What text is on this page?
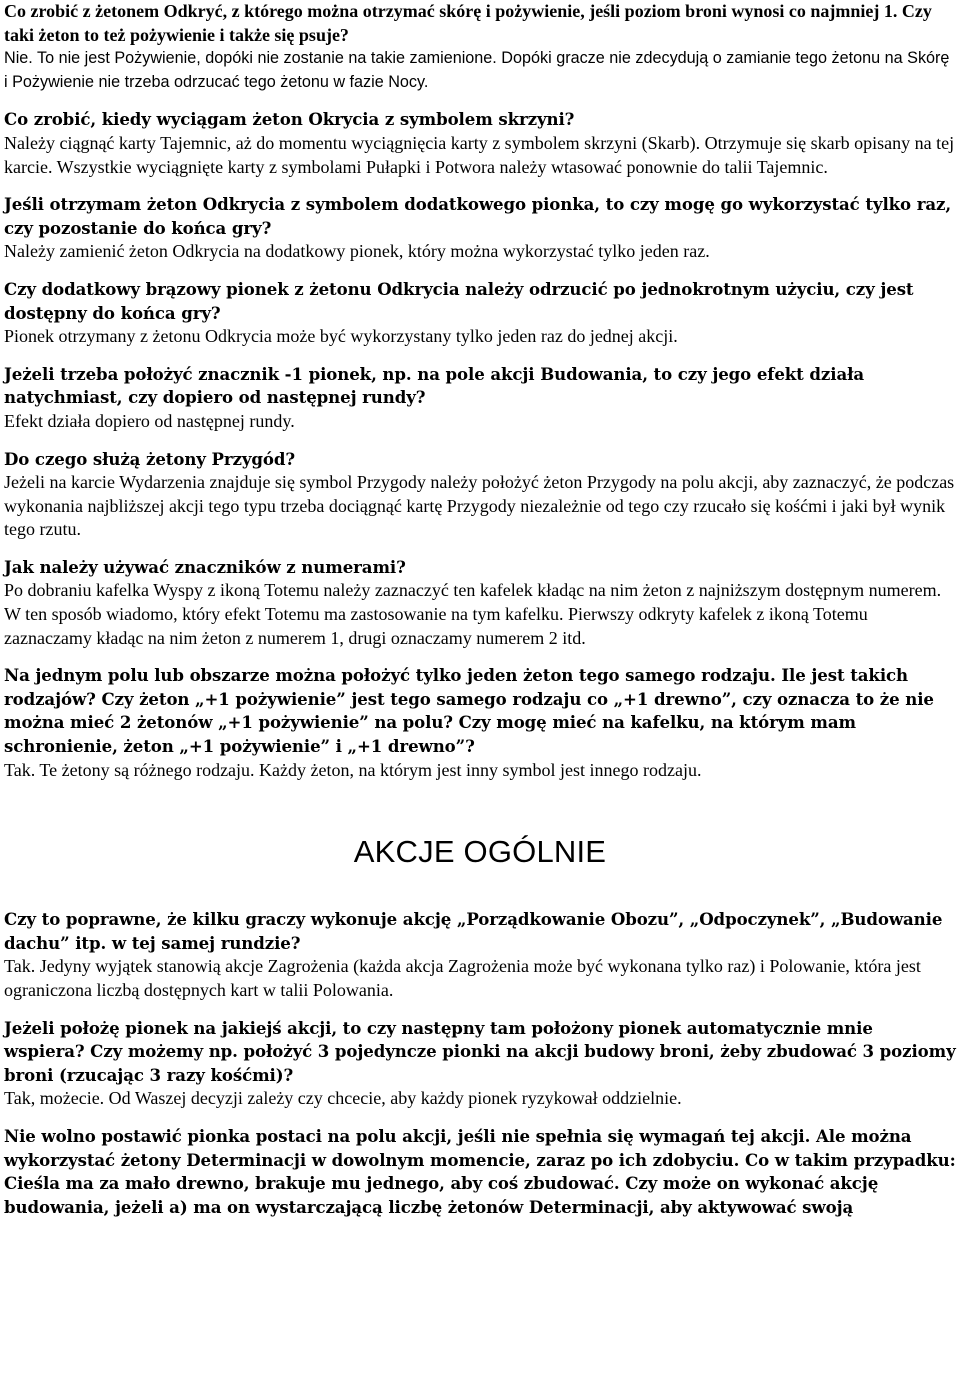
Co zrobić z żetonem Odkryć, z którego można otrzymać skórę i pożywienie, jeśli poziom broni wynosi co najmniej 1. Czy taki żeton to też pożywienie i także się psuje?

Nie. To nie jest Pożywienie, dopóki nie zostanie na takie zamienione. Dopóki gracze nie zdecydują o zamianie tego żetonu na Skórę i Pożywienie nie trzeba odrzucać tego żetonu w fazie Nocy.

Co zrobić, kiedy wyciągam żeton Okrycia z symbolem skrzyni?

Należy ciągnąć karty Tajemnic, aż do momentu wyciągnięcia karty z symbolem skrzyni (Skarb). Otrzymuje się skarb opisany na tej karcie. Wszystkie wyciągnięte karty z symbolami Pułapki i Potwora należy wtasować ponownie do talii Tajemnic.

Jeśli otrzymam żeton Odkrycia z symbolem dodatkowego pionka, to czy mogę go wykorzystać tylko raz, czy pozostanie do końca gry?

Należy zamienić żeton Odkrycia na dodatkowy pionek, który można wykorzystać tylko jeden raz.

Czy dodatkowy brązowy pionek z żetonu Odkrycia należy odrzucić po jednokrotnym użyciu, czy jest dostępny do końca gry?

Pionek otrzymany z żetonu Odkrycia może być wykorzystany tylko jeden raz do jednej akcji.

Jeżeli trzeba położyć znacznik -1 pionek, np. na pole akcji Budowania, to czy jego efekt działa natychmiast, czy dopiero od następnej rundy?

Efekt działa dopiero od następnej rundy.

Do czego służą żetony Przygód?

Jeżeli na karcie Wydarzenia znajduje się symbol Przygody należy położyć żeton Przygody na polu akcji, aby zaznaczyć, że podczas wykonania najbliższej akcji tego typu trzeba dociągnąć kartę Przygody niezależnie od tego czy rzucało się kośćmi i jaki był wynik tego rzutu.

Jak należy używać znaczników z numerami?

Po dobraniu kafelka Wyspy z ikoną Totemu należy zaznaczyć ten kafelek kładąc na nim żeton z najniższym dostępnym numerem. W ten sposób wiadomo, który efekt Totemu ma zastosowanie na tym kafelku. Pierwszy odkryty kafelek z ikoną Totemu zaznaczamy kładąc na nim żeton z numerem 1, drugi oznaczamy numerem 2 itd.

Na jednym polu lub obszarze można położyć tylko jeden żeton tego samego rodzaju. Ile jest takich rodzajów? Czy żeton „+1 pożywienie” jest tego samego rodzaju co „+1 drewno”, czy oznacza to że nie można mieć 2 żetonów „+1 pożywienie” na polu? Czy mogę mieć na kafelku, na którym mam schronienie, żeton „+1 pożywienie” i „+1 drewno”?

Tak. Te żetony są różnego rodzaju. Każdy żeton, na którym jest inny symbol jest innego rodzaju.

AKCJE OGÓLNIE

Czy to poprawne, że kilku graczy wykonuje akcję „Porządkowanie Obozu”, „Odpoczynek”, „Budowanie dachu” itp. w tej samej rundzie?

Tak. Jedyny wyjątek stanowią akcje Zagrożenia (każda akcja Zagrożenia może być wykonana tylko raz) i Polowanie, która jest ograniczona liczbą dostępnych kart w talii Polowania.

Jeżeli położę pionek na jakiejś akcji, to czy następny tam położony pionek automatycznie mnie wspiera? Czy możemy np. położyć 3 pojedyncze pionki na akcji budowy broni, żeby zbudować 3 poziomy broni (rzucając 3 razy kośćmi)?

Tak, możecie. Od Waszej decyzji zależy czy chcecie, aby każdy pionek ryzykował oddzielnie.

Nie wolno postawić pionka postaci na polu akcji, jeśli nie spełnia się wymagań tej akcji. Ale można wykorzystać żetony Determinacji w dowolnym momencie, zaraz po ich zdobyciu. Co w takim przypadku: Cieśla ma za mało drewno, brakuje mu jednego, aby coś zbudować. Czy może on wykonać akcję budowania, jeżeli a) ma on wystarczającą liczbę żetonów Determinacji, aby aktywować swoją
